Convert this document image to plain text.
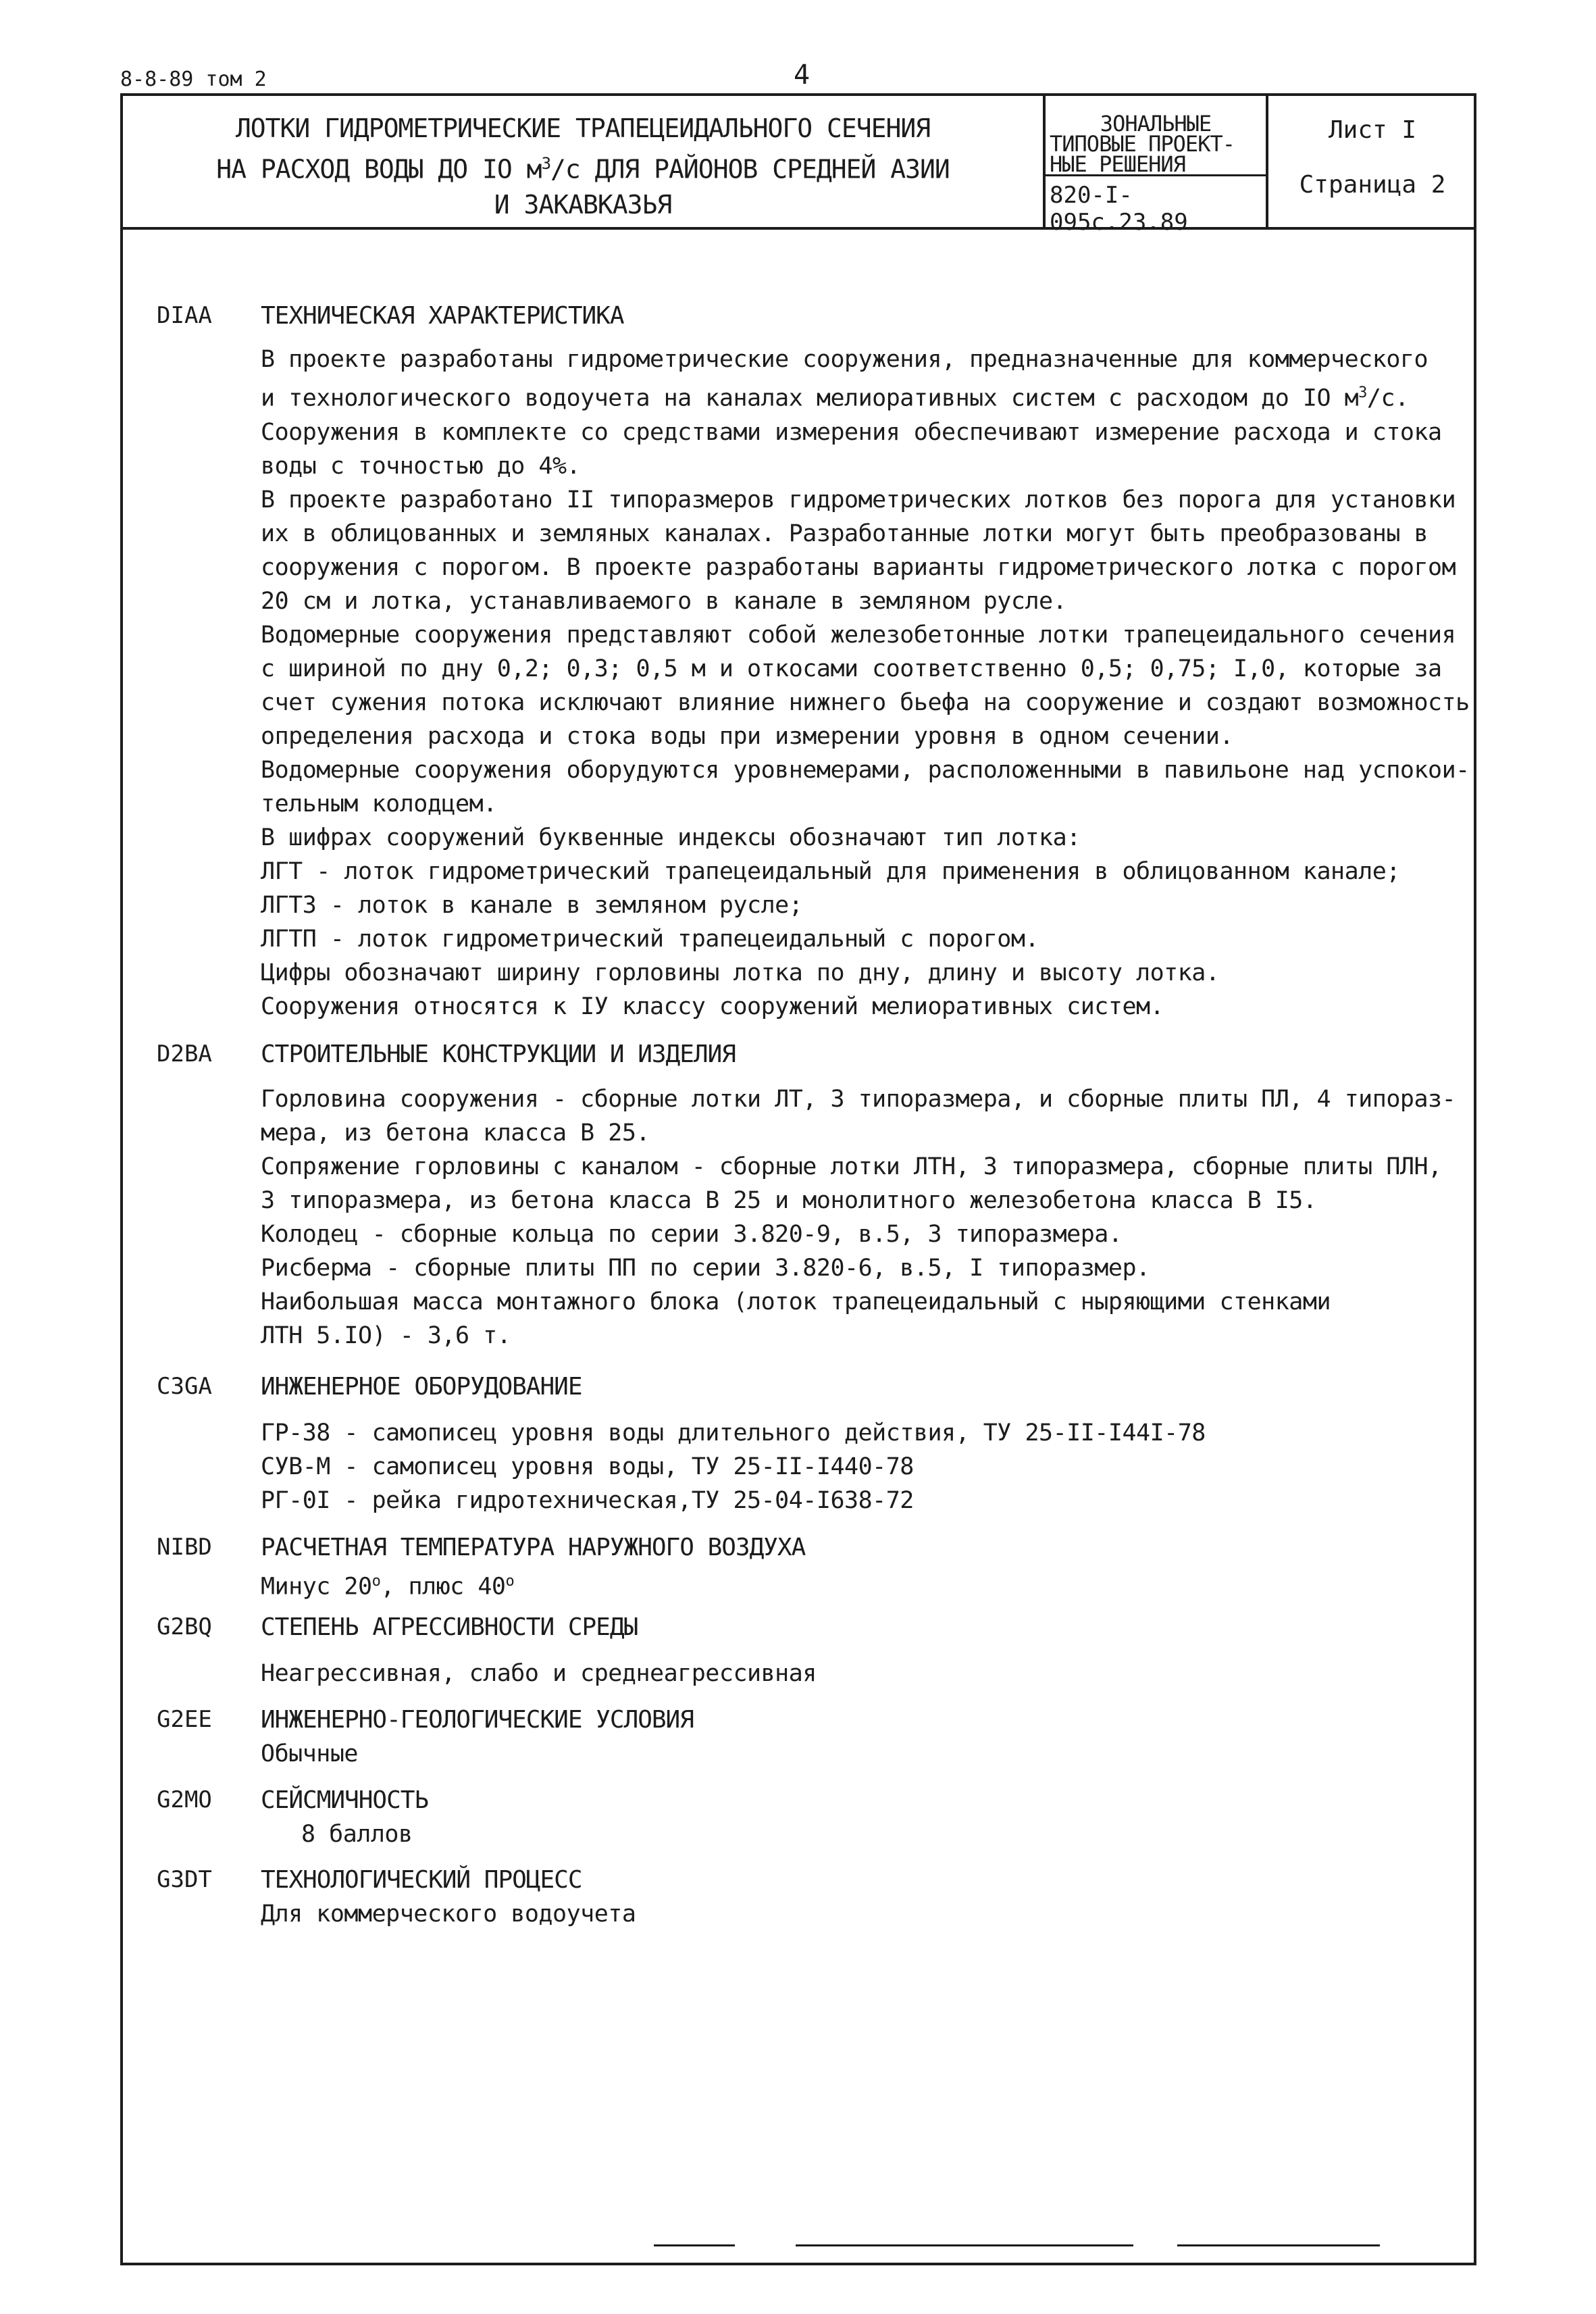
8-8-89 том 2	4
ЛОТКИ ГИДРОМЕТРИЧЕСКИЕ ТРАПЕЦЕИДАЛЬНОГО СЕЧЕНИЯ
НА РАСХОД ВОДЫ ДО IO $м^3/с$ ДЛЯ РАЙОНОВ СРЕДНЕЙ АЗИИ
И ЗАКАВКАЗЬЯ
ЗОНАЛЬНЫЕ
ТИПОВЫЕ ПРОЕКТ-
НЫЕ РЕШЕНИЯ
820-I-095с.23.89
Лист I
Страница 2
DIAA	ТЕХНИЧЕСКАЯ ХАРАКТЕРИСТИКА
В проекте разработаны гидрометрические сооружения, предназначенные для коммерческого
и технологического водоучета на каналах мелиоративных систем с расходом до IO $м^3/с$.
Сооружения в комплекте со средствами измерения обеспечивают измерение расхода и стока
воды с точностью до 4%.
В проекте разработано II типоразмеров гидрометрических лотков без порога для установки
их в облицованных и земляных каналах. Разработанные лотки могут быть преобразованы в
сооружения с порогом. В проекте разработаны варианты гидрометрического лотка с порогом
20 см и лотка, устанавливаемого в канале в земляном русле.
Водомерные сооружения представляют собой железобетонные лотки трапецеидального сечения
с шириной по дну 0,2; 0,3; 0,5 м и откосами соответственно 0,5; 0,75; I,0, которые за
счет сужения потока исключают влияние нижнего бьефа на сооружение и создают возможность
определения расхода и стока воды при измерении уровня в одном сечении.
Водомерные сооружения оборудуются уровнемерами, расположенными в павильоне над успокои-
тельным колодцем.
В шифрах сооружений буквенные индексы обозначают тип лотка:
ЛГТ - лоток гидрометрический трапецеидальный для применения в облицованном канале;
ЛГТЗ - лоток в канале в земляном русле;
ЛГТП - лоток гидрометрический трапецеидальный с порогом.
Цифры обозначают ширину горловины лотка по дну, длину и высоту лотка.
Сооружения относятся к IУ классу сооружений мелиоративных систем.
D2BA	СТРОИТЕЛЬНЫЕ КОНСТРУКЦИИ И ИЗДЕЛИЯ
Горловина сооружения - сборные лотки ЛТ, 3 типоразмера, и сборные плиты ПЛ, 4 типораз-
мера, из бетона класса В 25.
Сопряжение горловины с каналом - сборные лотки ЛТН, 3 типоразмера, сборные плиты ПЛН,
3 типоразмера, из бетона класса В 25 и монолитного железобетона класса В I5.
Колодец - сборные кольца по серии 3.820-9, в.5, 3 типоразмера.
Рисберма - сборные плиты ПП по серии 3.820-6, в.5, I типоразмер.
Наибольшая масса монтажного блока (лоток трапецеидальный с ныряющими стенками
ЛТН 5.IO) - 3,6 т.
C3GA	ИНЖЕНЕРНОЕ ОБОРУДОВАНИЕ
ГР-38 - самописец уровня воды длительного действия, ТУ 25-II-I44I-78
СУВ-М - самописец уровня воды, ТУ 25-II-I440-78
РГ-0I - рейка гидротехническая,ТУ 25-04-I638-72
NIBD	РАСЧЕТНАЯ ТЕМПЕРАТУРА НАРУЖНОГО ВОЗДУХА
Минус $20^о$, плюс $40^о$
G2BQ	СТЕПЕНЬ АГРЕССИВНОСТИ СРЕДЫ
Неагрессивная, слабо и среднеагрессивная
G2EE	ИНЖЕНЕРНО-ГЕОЛОГИЧЕСКИЕ УСЛОВИЯ
Обычные
G2MO	СЕЙСМИЧНОСТЬ
8 баллов
G3DT	ТЕХНОЛОГИЧЕСКИЙ ПРОЦЕСС
Для коммерческого водоучета
